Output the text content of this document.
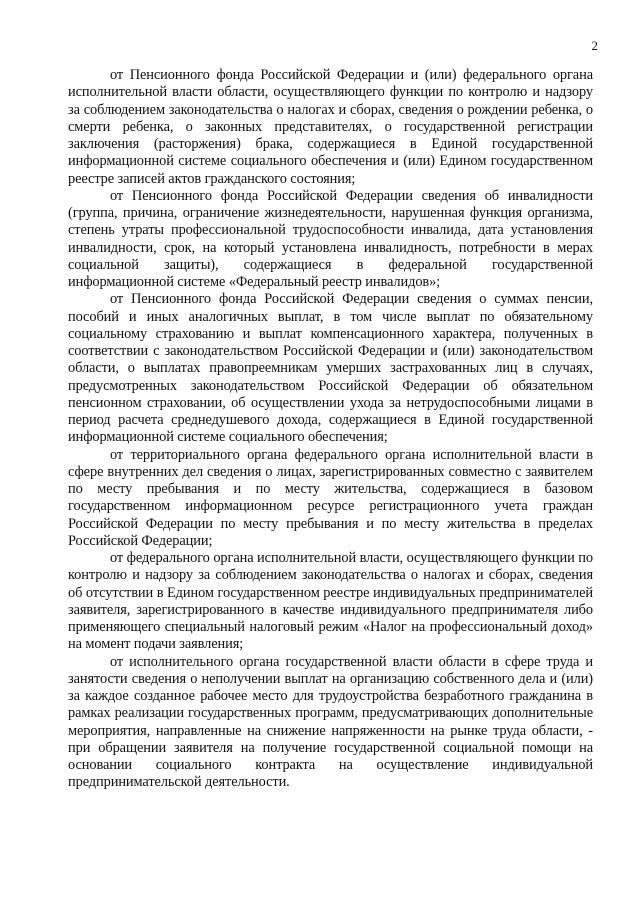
2

от Пенсионного фонда Российской Федерации и (или) федерального органа исполнительной власти области, осуществляющего функции по контролю и надзору за соблюдением законодательства о налогах и сборах, сведения о рождении ребенка, о смерти ребенка, о законных представителях, о государственной регистрации заключения (расторжения) брака, содержащиеся в Единой государственной информационной системе социального обеспечения и (или) Едином государственном реестре записей актов гражданского состояния;

от Пенсионного фонда Российской Федерации сведения об инвалидности (группа, причина, ограничение жизнедеятельности, нарушенная функция организма, степень утраты профессиональной трудоспособности инвалида, дата установления инвалидности, срок, на который установлена инвалидность, потребности в мерах социальной защиты), содержащиеся в федеральной государственной информационной системе «Федеральный реестр инвалидов»;

от Пенсионного фонда Российской Федерации сведения о суммах пенсии, пособий и иных аналогичных выплат, в том числе выплат по обязательному социальному страхованию и выплат компенсационного характера, полученных в соответствии с законодательством Российской Федерации и (или) законодательством области, о выплатах правопреемникам умерших застрахованных лиц в случаях, предусмотренных законодательством Российской Федерации об обязательном пенсионном страховании, об осуществлении ухода за нетрудоспособными лицами в период расчета среднедушевого дохода, содержащиеся в Единой государственной информационной системе социального обеспечения;

от территориального органа федерального органа исполнительной власти в сфере внутренних дел сведения о лицах, зарегистрированных совместно с заявителем по месту пребывания и по месту жительства, содержащиеся в базовом государственном информационном ресурсе регистрационного учета граждан Российской Федерации по месту пребывания и по месту жительства в пределах Российской Федерации;

от федерального органа исполнительной власти, осуществляющего функции по контролю и надзору за соблюдением законодательства о налогах и сборах, сведения об отсутствии в Едином государственном реестре индивидуальных предпринимателей заявителя, зарегистрированного в качестве индивидуального предпринимателя либо применяющего специальный налоговый режим «Налог на профессиональный доход» на момент подачи заявления;

от исполнительного органа государственной власти области в сфере труда и занятости сведения о неполучении выплат на организацию собственного дела и (или) за каждое созданное рабочее место для трудоустройства безработного гражданина в рамках реализации государственных программ, предусматривающих дополнительные мероприятия, направленные на снижение напряженности на рынке труда области, - при обращении заявителя на получение государственной социальной помощи на основании социального контракта на осуществление индивидуальной предпринимательской деятельности.
